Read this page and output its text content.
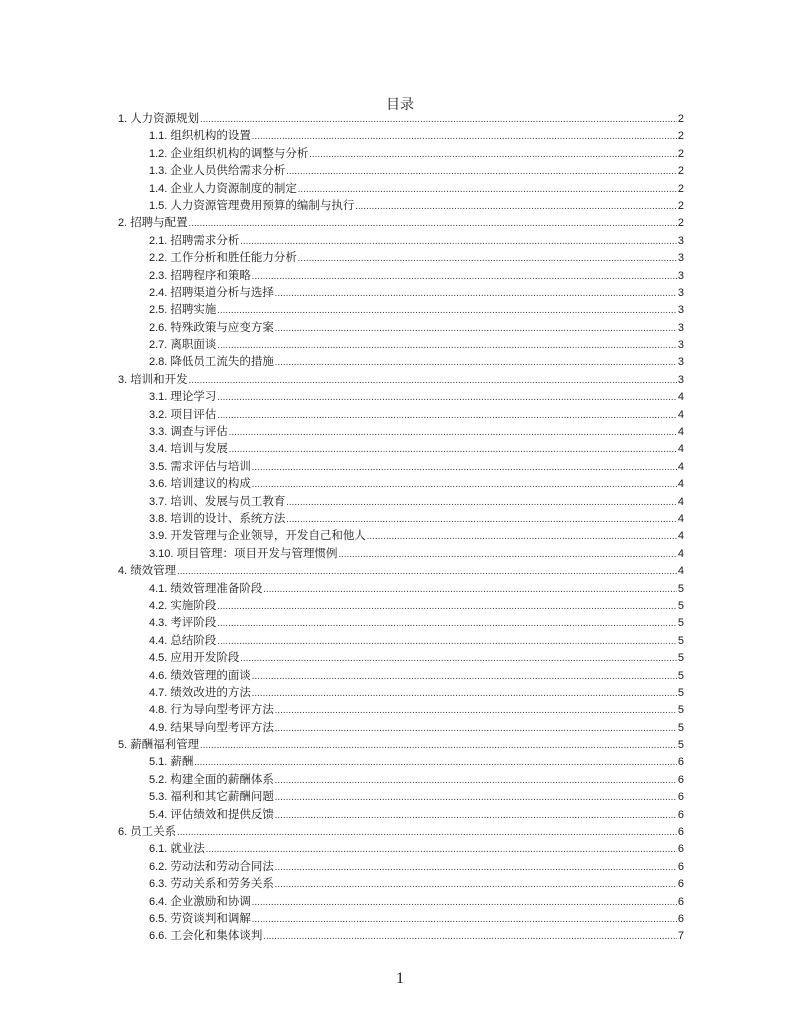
目录
1. 人力资源规划 .....	2
1.1. 组织机构的设置 .....	2
1.2. 企业组织机构的调整与分析 .....	2
1.3. 企业人员供给需求分析 .....	2
1.4. 企业人力资源制度的制定 .....	2
1.5. 人力资源管理费用预算的编制与执行 .....	2
2. 招聘与配置 .....	2
2.1. 招聘需求分析 .....	3
2.2. 工作分析和胜任能力分析 .....	3
2.3. 招聘程序和策略 .....	3
2.4. 招聘渠道分析与选择 .....	3
2.5. 招聘实施 .....	3
2.6. 特殊政策与应变方案 .....	3
2.7. 离职面谈 .....	3
2.8. 降低员工流失的措施 .....	3
3. 培训和开发 .....	3
3.1. 理论学习 .....	4
3.2. 项目评估 .....	4
3.3. 调查与评估 .....	4
3.4. 培训与发展 .....	4
3.5. 需求评估与培训 .....	4
3.6. 培训建议的构成 .....	4
3.7. 培训、发展与员工教育 .....	4
3.8. 培训的设计、系统方法 .....	4
3.9. 开发管理与企业领导，开发自己和他人 .....	4
3.10. 项目管理：项目开发与管理惯例 .....	4
4. 绩效管理 .....	4
4.1. 绩效管理准备阶段 .....	5
4.2. 实施阶段 .....	5
4.3. 考评阶段 .....	5
4.4. 总结阶段 .....	5
4.5. 应用开发阶段 .....	5
4.6. 绩效管理的面谈 .....	5
4.7. 绩效改进的方法 .....	5
4.8. 行为导向型考评方法 .....	5
4.9. 结果导向型考评方法 .....	5
5. 薪酬福利管理 .....	5
5.1. 薪酬 .....	6
5.2. 构建全面的薪酬体系 .....	6
5.3. 福利和其它薪酬问题 .....	6
5.4. 评估绩效和提供反馈 .....	6
6. 员工关系 .....	6
6.1. 就业法 .....	6
6.2. 劳动法和劳动合同法 .....	6
6.3. 劳动关系和劳务关系 .....	6
6.4. 企业激励和协调 .....	6
6.5. 劳资谈判和调解 .....	6
6.6. 工会化和集体谈判 .....	7
1
